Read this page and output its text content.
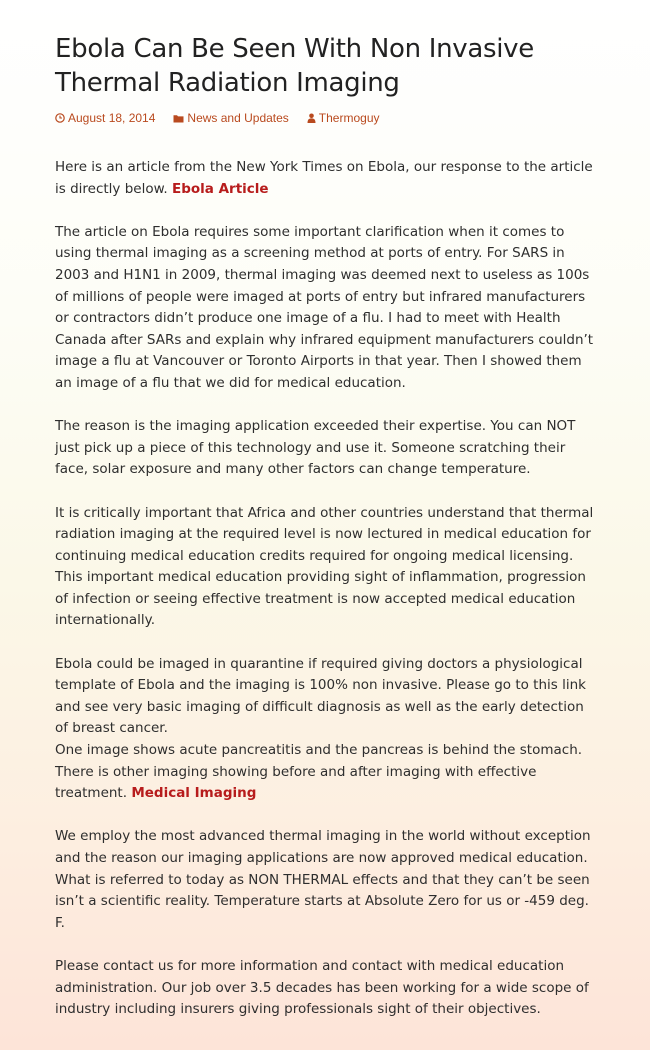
Ebola Can Be Seen With Non Invasive Thermal Radiation Imaging
August 18, 2014	News and Updates	Thermoguy

Here is an article from the New York Times on Ebola, our response to the article is directly below. Ebola Article

The article on Ebola requires some important clarification when it comes to using thermal imaging as a screening method at ports of entry. For SARS in 2003 and H1N1 in 2009, thermal imaging was deemed next to useless as 100s of millions of people were imaged at ports of entry but infrared manufacturers or contractors didn’t produce one image of a flu. I had to meet with Health Canada after SARs and explain why infrared equipment manufacturers couldn’t image a flu at Vancouver or Toronto Airports in that year. Then I showed them an image of a flu that we did for medical education.

The reason is the imaging application exceeded their expertise. You can NOT just pick up a piece of this technology and use it. Someone scratching their face, solar exposure and many other factors can change temperature.

It is critically important that Africa and other countries understand that thermal radiation imaging at the required level is now lectured in medical education for continuing medical education credits required for ongoing medical licensing. This important medical education providing sight of inflammation, progression of infection or seeing effective treatment is now accepted medical education internationally.

Ebola could be imaged in quarantine if required giving doctors a physiological template of Ebola and the imaging is 100% non invasive. Please go to this link and see very basic imaging of difficult diagnosis as well as the early detection of breast cancer.
One image shows acute pancreatitis and the pancreas is behind the stomach. There is other imaging showing before and after imaging with effective treatment. Medical Imaging

We employ the most advanced thermal imaging in the world without exception and the reason our imaging applications are now approved medical education. What is referred to today as NON THERMAL effects and that they can’t be seen isn’t a scientific reality. Temperature starts at Absolute Zero for us or -459 deg. F.

Please contact us for more information and contact with medical education administration. Our job over 3.5 decades has been working for a wide scope of industry including insurers giving professionals sight of their objectives.
